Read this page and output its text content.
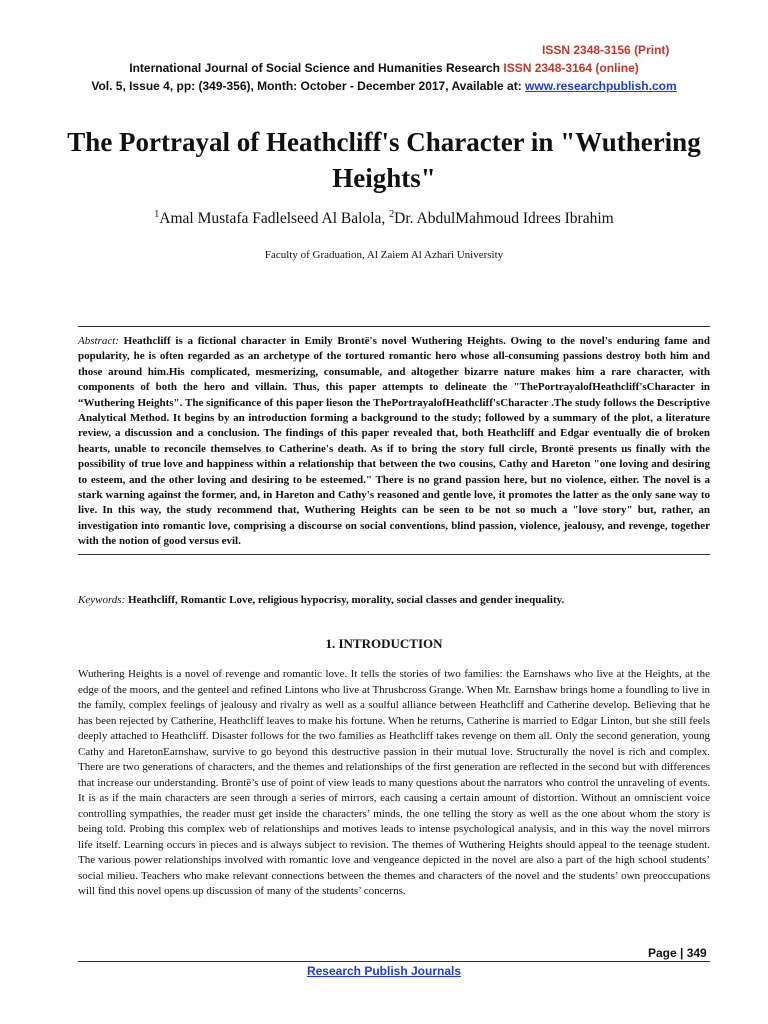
ISSN 2348-3156 (Print)
International Journal of Social Science and Humanities Research ISSN 2348-3164 (online)
Vol. 5, Issue 4, pp: (349-356), Month: October - December 2017, Available at: www.researchpublish.com
The Portrayal of Heathcliff's Character in "Wuthering Heights"
$^1$Amal Mustafa Fadlelseed Al Balola, $^2$Dr. AbdulMahmoud Idrees Ibrahim
Faculty of Graduation, Al Zaiem Al Azhari University

Abstract: Heathcliff is a fictional character in Emily Brontë's novel Wuthering Heights. Owing to the novel's enduring fame and popularity, he is often regarded as an archetype of the tortured romantic hero whose all-consuming passions destroy both him and those around him.His complicated, mesmerizing, consumable, and altogether bizarre nature makes him a rare character, with components of both the hero and villain. Thus, this paper attempts to delineate the "ThePortrayalofHeathcliff'sCharacter in “Wuthering Heights". The significance of this paper lieson the ThePortrayalofHeathcliff'sCharacter .The study follows the Descriptive Analytical Method. It begins by an introduction forming a background to the study; followed by a summary of the plot, a literature review, a discussion and a conclusion. The findings of this paper revealed that, both Heathcliff and Edgar eventually die of broken hearts, unable to reconcile themselves to Catherine's death. As if to bring the story full circle, Brontë presents us finally with the possibility of true love and happiness within a relationship that between the two cousins, Cathy and Hareton "one loving and desiring to esteem, and the other loving and desiring to be esteemed." There is no grand passion here, but no violence, either. The novel is a stark warning against the former, and, in Hareton and Cathy's reasoned and gentle love, it promotes the latter as the only sane way to live. In this way, the study recommend that, Wuthering Heights can be seen to be not so much a "love story" but, rather, an investigation into romantic love, comprising a discourse on social conventions, blind passion, violence, jealousy, and revenge, together with the notion of good versus evil.

Keywords: Heathcliff, Romantic Love, religious hypocrisy, morality, social classes and gender inequality.
1. INTRODUCTION

Wuthering Heights is a novel of revenge and romantic love. It tells the stories of two families: the Earnshaws who live at the Heights, at the edge of the moors, and the genteel and refined Lintons who live at Thrushcross Grange. When Mr. Earnshaw brings home a foundling to live in the family, complex feelings of jealousy and rivalry as well as a soulful alliance between Heathcliff and Catherine develop. Believing that he has been rejected by Catherine, Heathcliff leaves to make his fortune. When he returns, Catherine is married to Edgar Linton, but she still feels deeply attached to Heathcliff. Disaster follows for the two families as Heathcliff takes revenge on them all. Only the second generation, young Cathy and HaretonEarnshaw, survive to go beyond this destructive passion in their mutual love. Structurally the novel is rich and complex. There are two generations of characters, and the themes and relationships of the first generation are reflected in the second but with differences that increase our understanding. Brontë’s use of point of view leads to many questions about the narrators who control the unraveling of events. It is as if the main characters are seen through a series of mirrors, each causing a certain amount of distortion. Without an omniscient voice controlling sympathies, the reader must get inside the characters’ minds, the one telling the story as well as the one about whom the story is being told. Probing this complex web of relationships and motives leads to intense psychological analysis, and in this way the novel mirrors life itself. Learning occurs in pieces and is always subject to revision. The themes of Wuthering Heights should appeal to the teenage student. The various power relationships involved with romantic love and vengeance depicted in the novel are also a part of the high school students’ social milieu. Teachers who make relevant connections between the themes and characters of the novel and the students’ own preoccupations will find this novel opens up discussion of many of the students’ concerns.

Page | 349
Research Publish Journals
